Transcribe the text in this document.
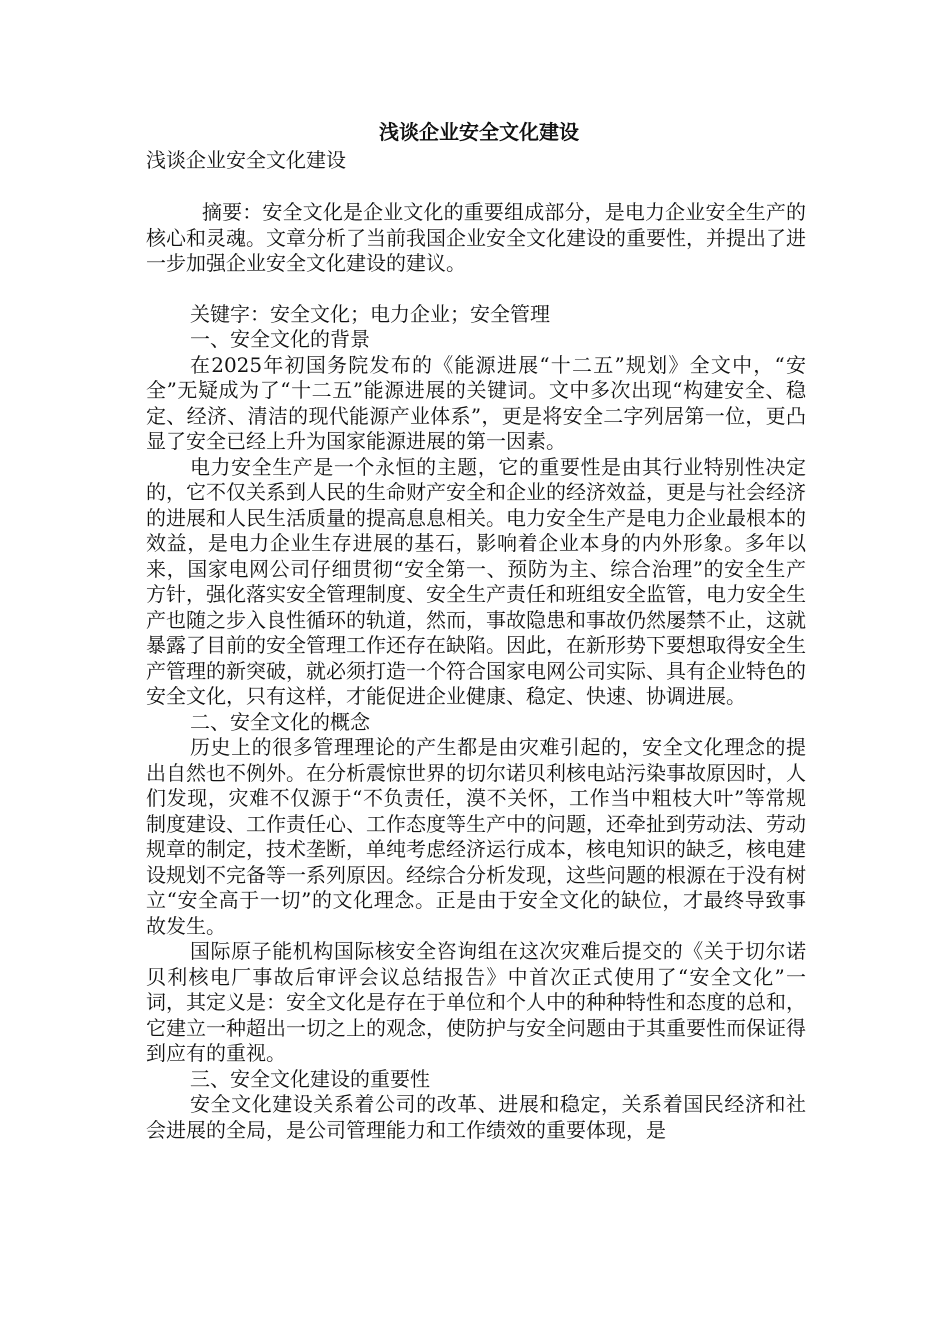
浅谈企业安全文化建设

浅谈企业安全文化建设

摘要：安全文化是企业文化的重要组成部分，是电力企业安全生产的核心和灵魂。文章分析了当前我国企业安全文化建设的重要性，并提出了进一步加强企业安全文化建设的建议。

关键字：安全文化；电力企业；安全管理

一、安全文化的背景

在2025年初国务院发布的《能源进展“十二五”规划》全文中，“安全”无疑成为了“十二五”能源进展的关键词。文中多次出现“构建安全、稳定、经济、清洁的现代能源产业体系”，更是将安全二字列居第一位，更凸显了安全已经上升为国家能源进展的第一因素。

电力安全生产是一个永恒的主题，它的重要性是由其行业特别性决定的，它不仅关系到人民的生命财产安全和企业的经济效益，更是与社会经济的进展和人民生活质量的提高息息相关。电力安全生产是电力企业最根本的效益，是电力企业生存进展的基石，影响着企业本身的内外形象。多年以来，国家电网公司仔细贯彻“安全第一、预防为主、综合治理”的安全生产方针，强化落实安全管理制度、安全生产责任和班组安全监管，电力安全生产也随之步入良性循环的轨道，然而，事故隐患和事故仍然屡禁不止，这就暴露了目前的安全管理工作还存在缺陷。因此，在新形势下要想取得安全生产管理的新突破，就必须打造一个符合国家电网公司实际、具有企业特色的安全文化，只有这样，才能促进企业健康、稳定、快速、协调进展。

二、安全文化的概念

历史上的很多管理理论的产生都是由灾难引起的，安全文化理念的提出自然也不例外。在分析震惊世界的切尔诺贝利核电站污染事故原因时，人们发现，灾难不仅源于“不负责任，漠不关怀，工作当中粗枝大叶”等常规制度建设、工作责任心、工作态度等生产中的问题，还牵扯到劳动法、劳动规章的制定，技术垄断，单纯考虑经济运行成本，核电知识的缺乏，核电建设规划不完备等一系列原因。经综合分析发现，这些问题的根源在于没有树立“安全高于一切”的文化理念。正是由于安全文化的缺位，才最终导致事故发生。

国际原子能机构国际核安全咨询组在这次灾难后提交的《关于切尔诺贝利核电厂事故后审评会议总结报告》中首次正式使用了“安全文化”一词，其定义是：安全文化是存在于单位和个人中的种种特性和态度的总和，它建立一种超出一切之上的观念，使防护与安全问题由于其重要性而保证得到应有的重视。

三、安全文化建设的重要性

安全文化建设关系着公司的改革、进展和稳定，关系着国民经济和社会进展的全局，是公司管理能力和工作绩效的重要体现，是
